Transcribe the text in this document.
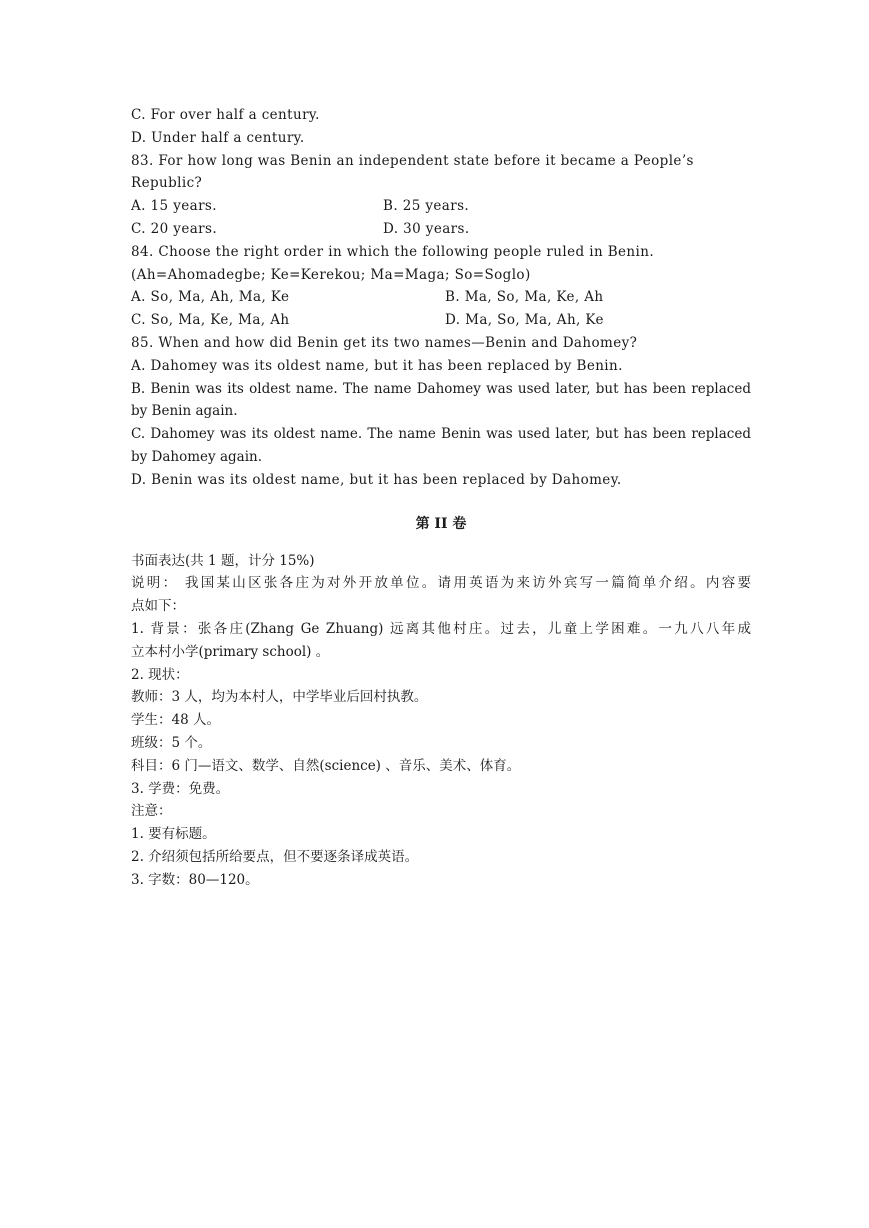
C. For over half a century.
D. Under half a century.
83. For how long was Benin an independent state before it became a People’s
Republic?
A. 15 years.	B. 25 years.
C. 20 years.	D. 30 years.
84. Choose the right order in which the following people ruled in Benin.
(Ah=Ahomadegbe; Ke=Kerekou; Ma=Maga; So=Soglo)
A. So, Ma, Ah, Ma, Ke	B. Ma, So, Ma, Ke, Ah
C. So, Ma, Ke, Ma, Ah	D. Ma, So, Ma, Ah, Ke
85. When and how did Benin get its two names—Benin and Dahomey?
A. Dahomey was its oldest name, but it has been replaced by Benin.
B. Benin was its oldest name. The name Dahomey was used later, but has been replaced
by Benin again.
C. Dahomey was its oldest name. The name Benin was used later, but has been replaced
by Dahomey again.
D. Benin was its oldest name, but it has been replaced by Dahomey.
第 II 卷
书面表达(共 1 题，计分 15%)
说明： 我国某山区张各庄为对外开放单位。请用英语为来访外宾写一篇简单介绍。内容要
点如下：
1. 背景：张各庄(Zhang Ge Zhuang) 远离其他村庄。过去，儿童上学困难。一九八八年成
立本村小学(primary school) 。
2. 现状：
教师：3 人，均为本村人，中学毕业后回村执教。
学生：48 人。
班级：5 个。
科目：6 门—语文、数学、自然(science) 、音乐、美术、体育。
3. 学费：免费。
注意：
1. 要有标题。
2. 介绍须包括所给要点，但不要逐条译成英语。
3. 字数：80—120。
